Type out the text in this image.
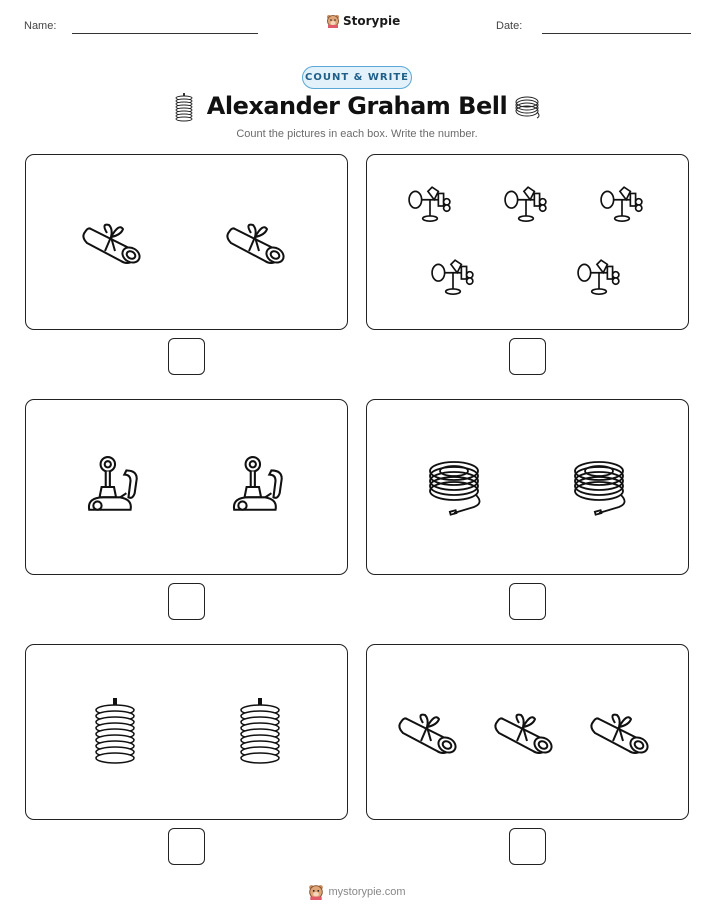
Name:	Storypie	Date:
COUNT & WRITE
Alexander Graham Bell
Count the pictures in each box. Write the number.
mystorypie.com
